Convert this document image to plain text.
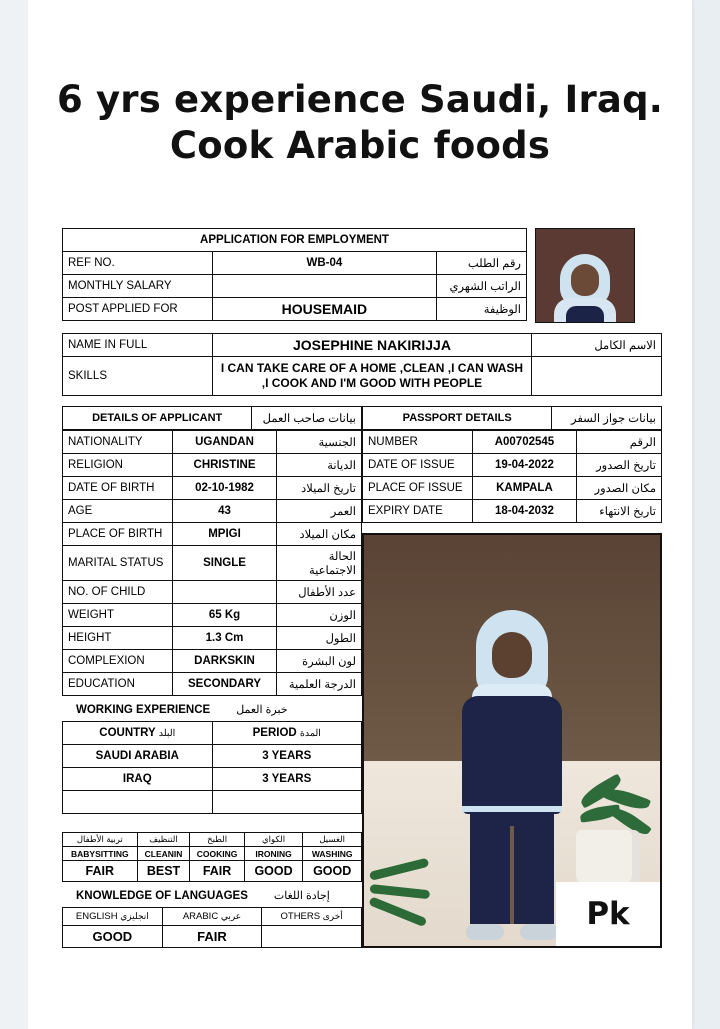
6 yrs experience Saudi, Iraq.
Cook Arabic foods
APPLICATION FOR EMPLOYMENT		
REF NO.	WB-04	رقم الطلب
MONTHLY SALARY		الراتب الشهري
POST APPLIED FOR	HOUSEMAID	الوظيفة
NAME IN FULL	JOSEPHINE NAKIRIJJA	الاسم الكامل
SKILLS	I CAN TAKE CARE OF A HOME ,CLEAN ,I CAN WASH ,I COOK AND I'M GOOD WITH PEOPLE	
DETAILS OF APPLICANT	بيانات صاحب العمل	PASSPORT DETAILS	بيانات جواز السفر
NATIONALITY	UGANDAN	الجنسية
RELIGION	CHRISTINE	الديانة
DATE OF BIRTH	02-10-1982	تاريخ الميلاد
AGE	43	العمر
PLACE OF BIRTH	MPIGI	مكان الميلاد
MARITAL STATUS	SINGLE	الحالة الاجتماعية
NO. OF CHILD		عدد الأطفال
WEIGHT	65 Kg	الوزن
HEIGHT	1.3 Cm	الطول
COMPLEXION	DARKSKIN	لون البشرة
EDUCATION	SECONDARY	الدرجة العلمية
WORKING EXPERIENCE خبرة العمل
COUNTRY البلد	PERIOD المدة
SAUDI ARABIA	3 YEARS
IRAQ	3 YEARS

تربية الأطفال	التنظيف	الطبخ	الكواي	الغسيل
BABYSITTING	CLEANIN	COOKING	IRONING	WASHING
FAIR	BEST	FAIR	GOOD	GOOD
KNOWLEDGE OF LANGUAGES إجادة اللغات
ENGLISH انجليزي	ARABIC عربي	OTHERS أخرى
GOOD	FAIR	
NUMBER	A00702545	الرقم
DATE OF ISSUE	19-04-2022	تاريخ الصدور
PLACE OF ISSUE	KAMPALA	مكان الصدور
EXPIRY DATE	18-04-2032	تاريخ الانتهاء
Pk
